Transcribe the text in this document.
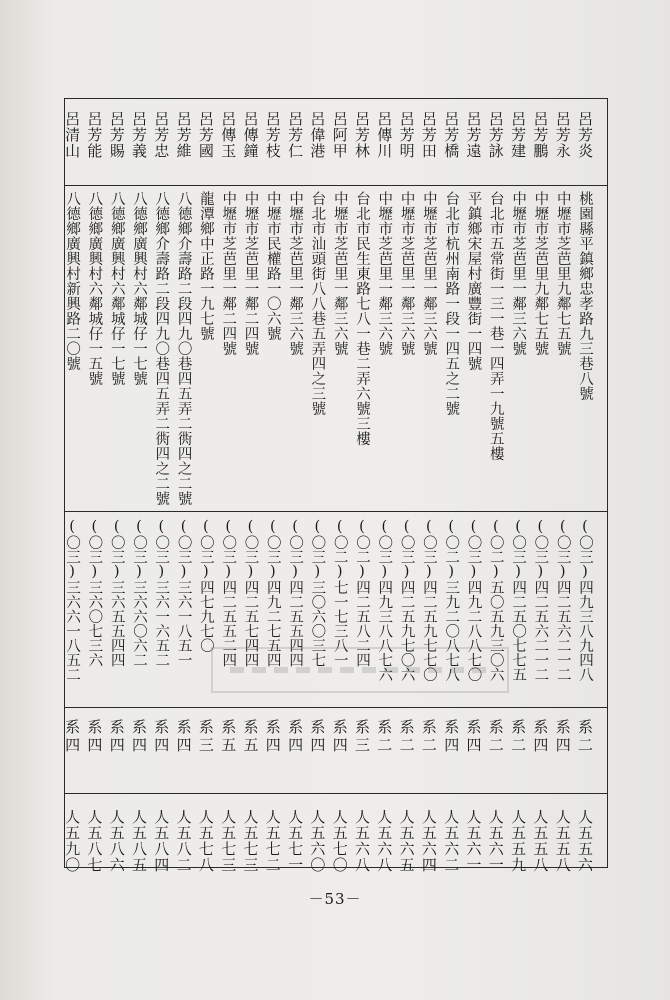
呂芳炎
桃園縣平鎮鄉忠孝路九三巷八號
(〇三)四九三八九四八
系二
人五五六
呂芳永
中壢市芝芭里九鄰七五號
(〇三)四二五六二一二
系四
人五五八
呂芳鵬
中壢市芝芭里九鄰七五號
(〇三)四二五六二一二
系四
人五五八
呂芳建
中壢市芝芭里一鄰三六號
(〇三)四二五〇七七五
系二
人五五九
呂芳詠
台北市五常街一三一巷一四弄一九號五樓
(〇二)五〇五九三〇六
系二
人五六一
呂芳遠
平鎮鄉宋屋村廣豐街一四號
(〇三)四九二八八七〇
系四
人五六一
呂芳橋
台北市杭州南路一段一四五之二號
(〇二)三九二〇八七八
系四
人五六二
呂芳田
中壢市芝芭里一鄰三六號
(〇三)四二五九七七〇
系二
人五六四
呂芳明
中壢市芝芭里一鄰三六號
(〇三)四二五九七〇六
系二
人五六五
呂傳川
中壢市芝芭里一鄰三六號
(〇三)四九三八八七六
系二
人五六八
呂芳林
台北市民生東路七八一巷二弄六號三樓
(〇二)四二五八二四
系三
人五六八
呂阿甲
中壢市芝芭里一鄰三六號
(〇二)七一七三八一
系四
人五七〇
呂偉港
台北市汕頭街八八巷五弄四之三號
(〇三)三〇六〇三七
系四
人五六〇
呂芳仁
中壢市芝芭里一鄰三六號
(〇三)四二五五四四
系四
人五七一
呂芳枝
中壢市民權路一〇六號
(〇三)四九二七五四
系四
人五七二
呂傳鐘
中壢市芝芭里一鄰二四號
(〇三)四二五七四四
系五
人五七三
呂傳玉
中壢市芝芭里一鄰二四號
(〇三)四二五五二四
系五
人五七三
呂芳國
龍潭鄉中正路一九七號
(〇三)四七九七〇
系三
人五七八
呂芳維
八德鄉介壽路二段四九〇巷四五弄二衖四之二號
(〇三)三六一八五一
系四
人五八二
呂芳忠
八德鄉介壽路二段四九〇巷四五弄二衖四之二號
(〇三)三六一六五二
系四
人五八四
呂芳義
八德鄉廣興村六鄰城仔一七號
(〇三)三六六〇六二
系四
人五八五
呂芳賜
八德鄉廣興村六鄰城仔一七號
(〇三)三六五五四四
系四
人五八六
呂芳能
八德鄉廣興村六鄰城仔一五號
(〇三)三六〇七三六
系四
人五八七
呂清山
八德鄉廣興村新興路二〇號
(〇三)三六六一八五二
系四
人五九〇
－53－
